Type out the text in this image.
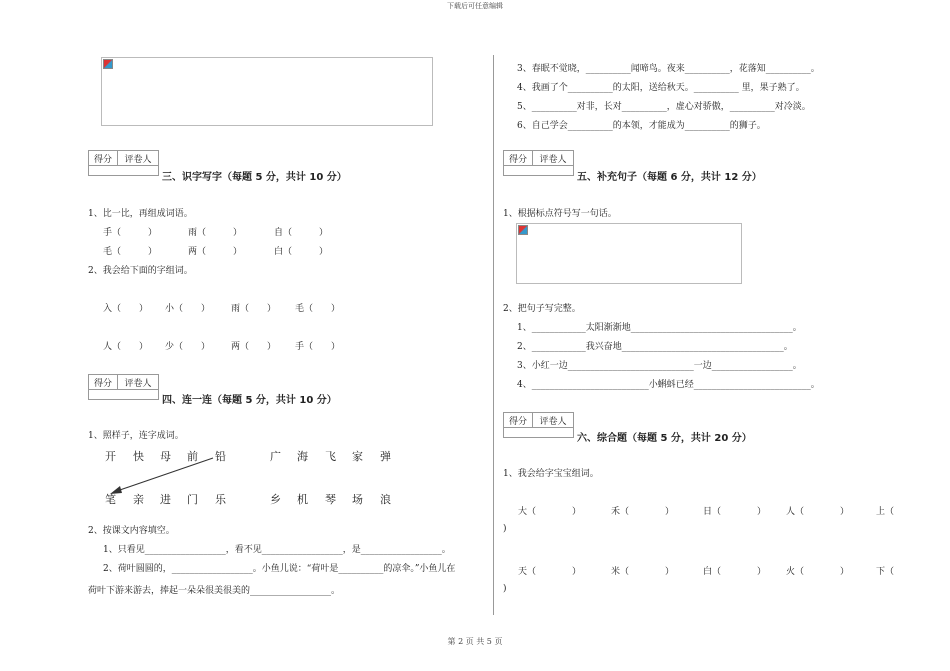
下载后可任意编辑
第 2 页 共 5 页
得分	评卷人
三、识字写字（每题 5 分，共计 10 分）
1、比一比，再组成词语。
手（　　　）	雨（　　　）	自（　　　）
毛（　　　）	两（　　　）	白（　　　）
2、我会给下面的字组词。
入（　　） 小（　　） 雨（　　） 毛（　　）
人（　　） 少（　　） 两（　　） 手（　　）
得分	评卷人
四、连一连（每题 5 分，共计 10 分）
1、照样子，连字成词。
开 快 母 前 铅	广 海 飞 家 弹
笔 亲 进 门 乐	乡 机 琴 场 浪
2、按课文内容填空。
1、只看见__________________，看不见__________________，是__________________。
2、荷叶圆圆的，__________________。小鱼儿说：“荷叶是__________的凉伞。”小鱼儿在
荷叶下游来游去，捧起一朵朵很美很美的__________________。
3、春眠不觉晓，__________闻啼鸟。夜来__________，花落知__________。
4、我画了个__________的太阳，送给秋天。__________ 里，果子熟了。
5、__________对非，长对__________，虚心对骄傲，__________对冷淡。
6、自己学会__________的本领，才能成为__________的狮子。
得分	评卷人
五、补充句子（每题 6 分，共计 12 分）
1、根据标点符号写一句话。
2、把句子写完整。
1、____________太阳渐渐地____________________________________。
2、____________我兴奋地____________________________________。
3、小红一边____________________________一边__________________。
4、__________________________小蝌蚪已经__________________________。
得分	评卷人
六、综合题（每题 5 分，共计 20 分）
1、我会给字宝宝组词。
大（　　　　）	禾（　　　　）	日（　　　　） 人（　　　　）	上（
)
天（　　　　）	米（　　　　）	白（　　　　） 火（　　　　）	下（
)
